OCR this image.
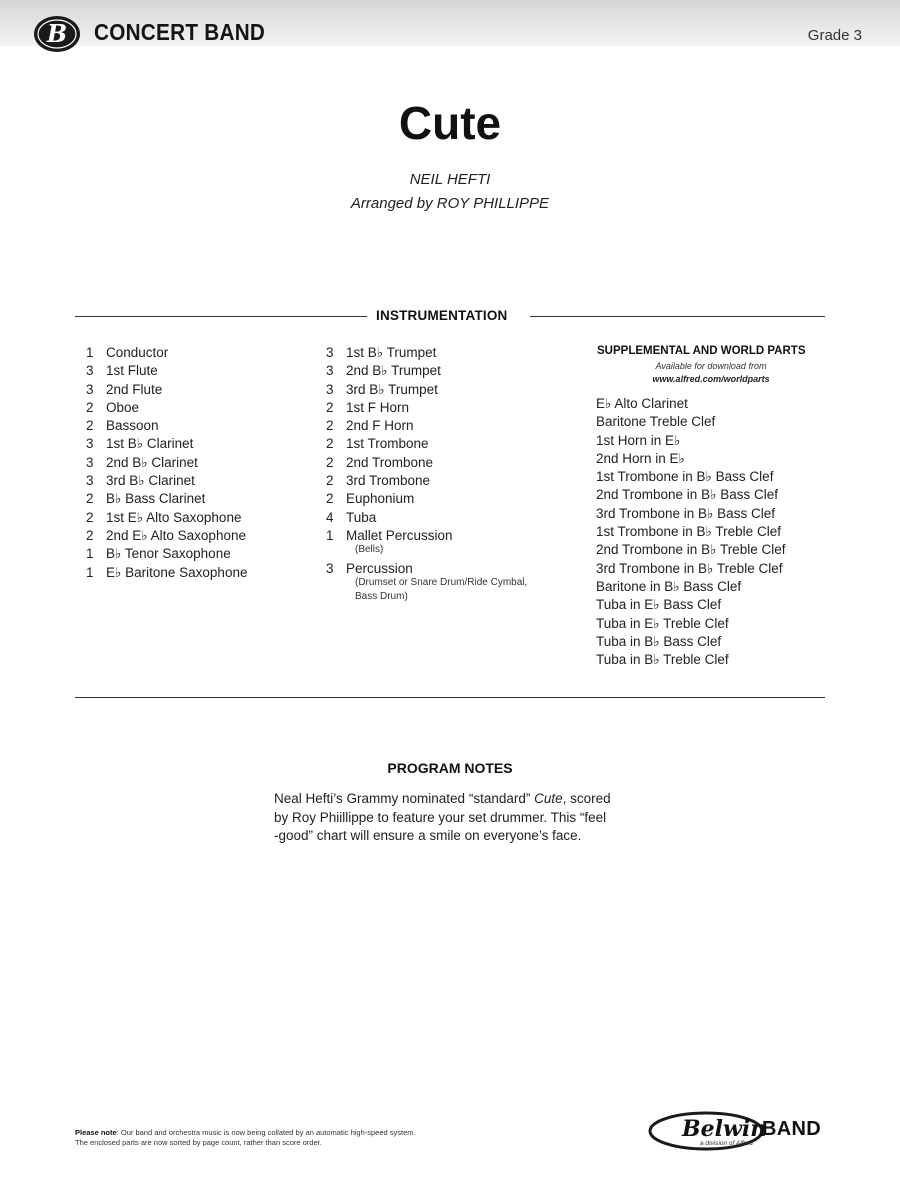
B CONCERT BAND	Grade 3
Cute
NEIL HEFTI
Arranged by ROY PHILLIPPE
INSTRUMENTATION
1 Conductor
3 1st Flute
3 2nd Flute
2 Oboe
2 Bassoon
3 1st B♭ Clarinet
3 2nd B♭ Clarinet
3 3rd B♭ Clarinet
2 B♭ Bass Clarinet
2 1st E♭ Alto Saxophone
2 2nd E♭ Alto Saxophone
1 B♭ Tenor Saxophone
1 E♭ Baritone Saxophone
3 1st B♭ Trumpet
3 2nd B♭ Trumpet
3 3rd B♭ Trumpet
2 1st F Horn
2 2nd F Horn
2 1st Trombone
2 2nd Trombone
2 3rd Trombone
2 Euphonium
4 Tuba
1 Mallet Percussion
(Bells)
3 Percussion
(Drumset or Snare Drum/Ride Cymbal,
Bass Drum)
SUPPLEMENTAL AND WORLD PARTS
Available for download from
www.alfred.com/worldparts
E♭ Alto Clarinet
Baritone Treble Clef
1st Horn in E♭
2nd Horn in E♭
1st Trombone in B♭ Bass Clef
2nd Trombone in B♭ Bass Clef
3rd Trombone in B♭ Bass Clef
1st Trombone in B♭ Treble Clef
2nd Trombone in B♭ Treble Clef
3rd Trombone in B♭ Treble Clef
Baritone in B♭ Bass Clef
Tuba in E♭ Bass Clef
Tuba in E♭ Treble Clef
Tuba in B♭ Bass Clef
Tuba in B♭ Treble Clef
PROGRAM NOTES

Neal Hefti’s Grammy nominated “standard” Cute, scored

by Roy Phiillippe to feature your set drummer. This “feel

-good” chart will ensure a smile on everyone’s face.

Please note: Our band and orchestra music is now being collated by an automatic high-speed system.
The enclosed parts are now sorted by page count, rather than score order.
Belwin
BAND
a division of Alfred
